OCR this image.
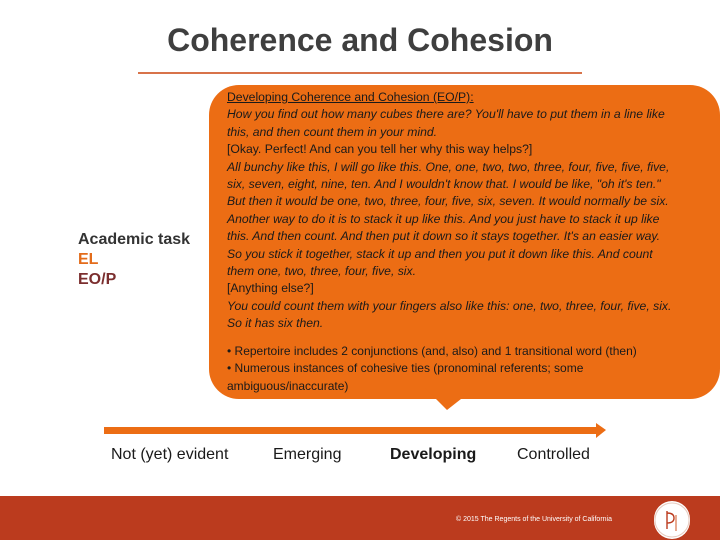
Coherence and Cohesion
Academic task
EL
EO/P

Developing Coherence and Cohesion (EO/P):

How you find out how many cubes there are? You'll have to put them in a line like

this, and then count them in your mind.

[Okay. Perfect! And can you tell her why this way helps?]

All bunchy like this, I will go like this. One, one, two, two, three, four, five, five, five,

six, seven, eight, nine, ten. And I wouldn't know that. I would be like, "oh it's ten."

But then it would be one, two, three, four, five, six, seven. It would normally be six.

Another way to do it is to stack it up like this. And you just have to stack it up like

this. And then count. And then put it down so it stays together. It's an easier way.

So you stick it together, stack it up and then you put it down like this. And count

them one, two, three, four, five, six.

[Anything else?]

You could count them with your fingers also like this: one, two, three, four, five, six.

So it has six then.

• Repertoire includes 2 conjunctions (and, also) and 1 transitional word (then)

• Numerous instances of cohesive ties (pronominal referents; some ambiguous/inaccurate)

Not (yet) evident	Emerging	Developing	Controlled
© 2015 The Regents of the University of California
